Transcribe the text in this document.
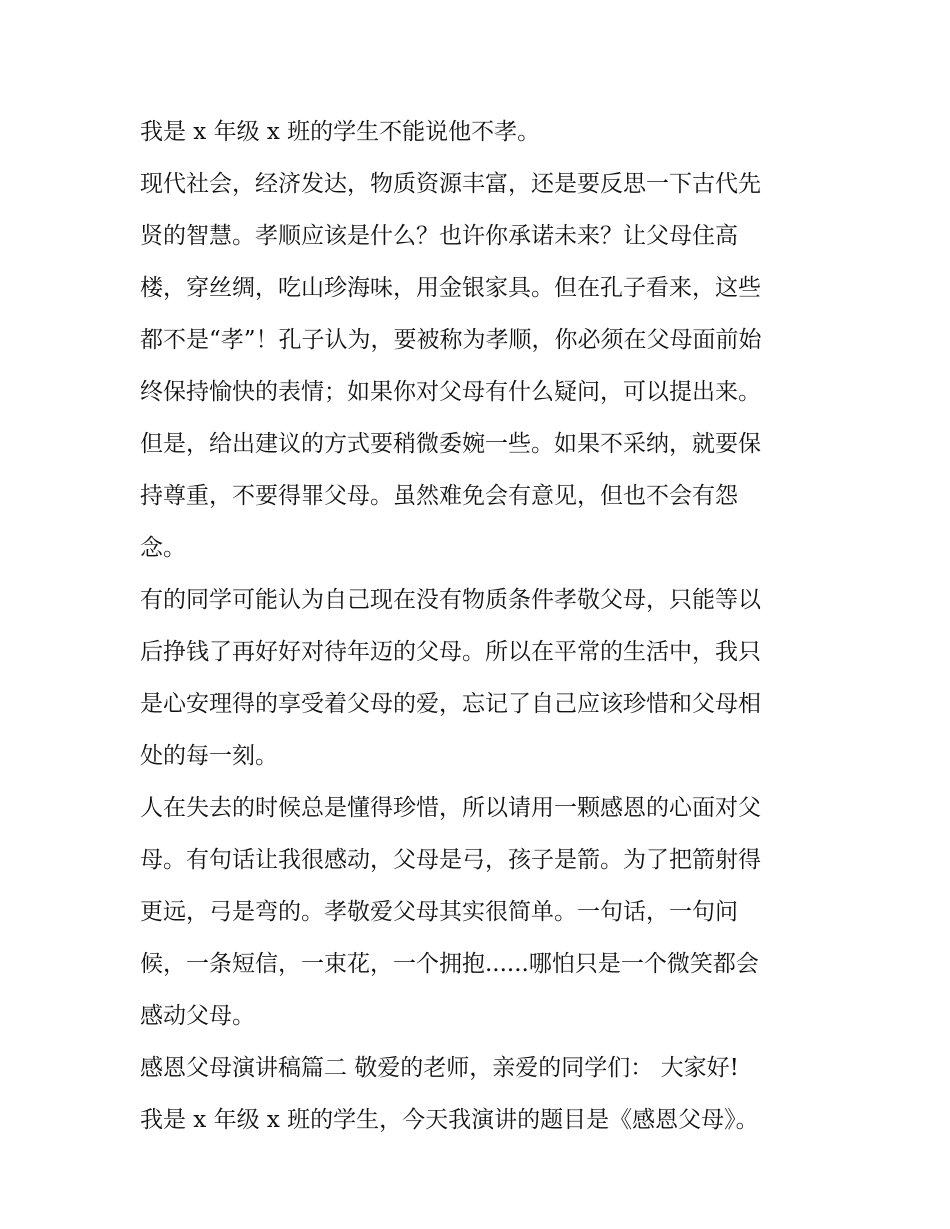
我是 x 年级 x 班的学生不能说他不孝。
现代社会，经济发达，物质资源丰富，还是要反思一下古代先
贤的智慧。孝顺应该是什么？也许你承诺未来？让父母住高
楼，穿丝绸，吃山珍海味，用金银家具。但在孔子看来，这些
都不是“孝”！孔子认为，要被称为孝顺，你必须在父母面前始
终保持愉快的表情；如果你对父母有什么疑问，可以提出来。
但是，给出建议的方式要稍微委婉一些。如果不采纳，就要保
持尊重，不要得罪父母。虽然难免会有意见，但也不会有怨
念。
有的同学可能认为自己现在没有物质条件孝敬父母，只能等以
后挣钱了再好好对待年迈的父母。所以在平常的生活中，我只
是心安理得的享受着父母的爱，忘记了自己应该珍惜和父母相
处的每一刻。
人在失去的时候总是懂得珍惜，所以请用一颗感恩的心面对父
母。有句话让我很感动，父母是弓，孩子是箭。为了把箭射得
更远，弓是弯的。孝敬爱父母其实很简单。一句话，一句问
候，一条短信，一束花，一个拥抱......哪怕只是一个微笑都会
感动父母。
感恩父母演讲稿篇二 敬爱的老师，亲爱的同学们： 大家好!
我是 x 年级 x 班的学生，今天我演讲的题目是《感恩父母》。
